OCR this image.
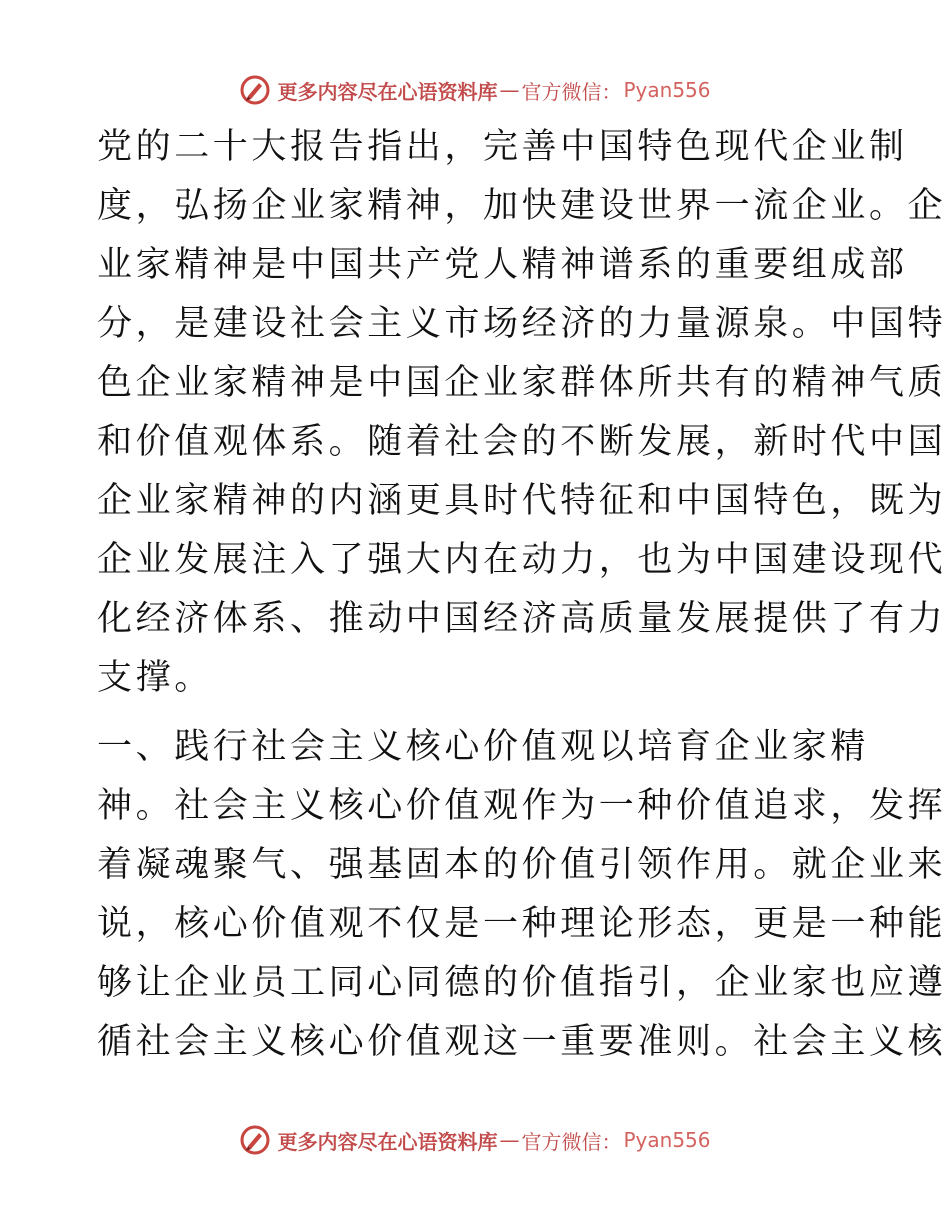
更多内容尽在心语资料库 — 官方微信： Pyan556
党的二十大报告指出，完善中国特色现代企业制
度，弘扬企业家精神，加快建设世界一流企业。企
业家精神是中国共产党人精神谱系的重要组成部
分，是建设社会主义市场经济的力量源泉。中国特
色企业家精神是中国企业家群体所共有的精神气质
和价值观体系。随着社会的不断发展，新时代中国
企业家精神的内涵更具时代特征和中国特色，既为
企业发展注入了强大内在动力，也为中国建设现代
化经济体系、推动中国经济高质量发展提供了有力
支撑。
一、践行社会主义核心价值观以培育企业家精
神。社会主义核心价值观作为一种价值追求，发挥
着凝魂聚气、强基固本的价值引领作用。就企业来
说，核心价值观不仅是一种理论形态，更是一种能
够让企业员工同心同德的价值指引，企业家也应遵
循社会主义核心价值观这一重要准则。社会主义核
更多内容尽在心语资料库 — 官方微信： Pyan556
